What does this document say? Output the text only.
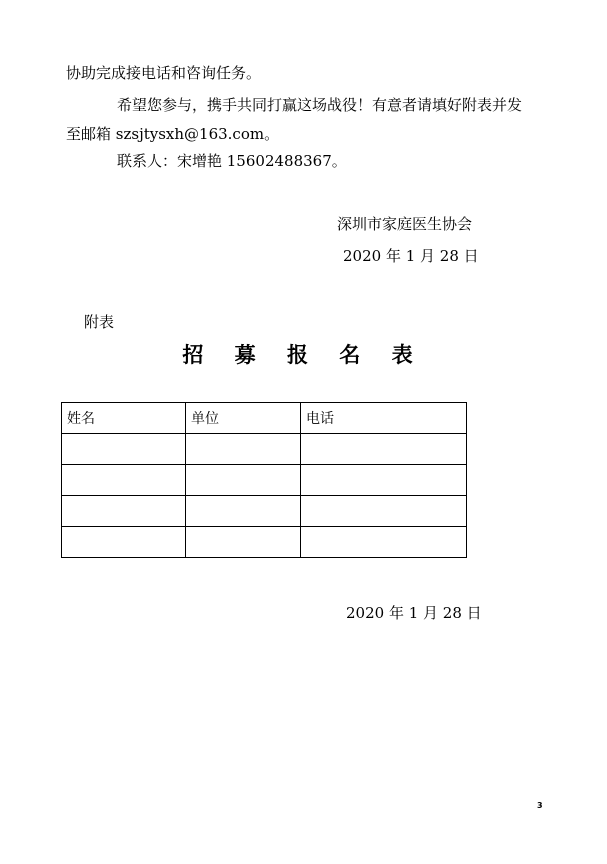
协助完成接电话和咨询任务。
希望您参与，携手共同打赢这场战役！有意者请填好附表并发
至邮箱 szsjtysxh@163.com。
联系人：宋增艳 15602488367。
深圳市家庭医生协会
2020 年 1 月 28 日
附表
招 募 报 名 表
姓名	单位	电话

2020 年 1 月 28 日
3
